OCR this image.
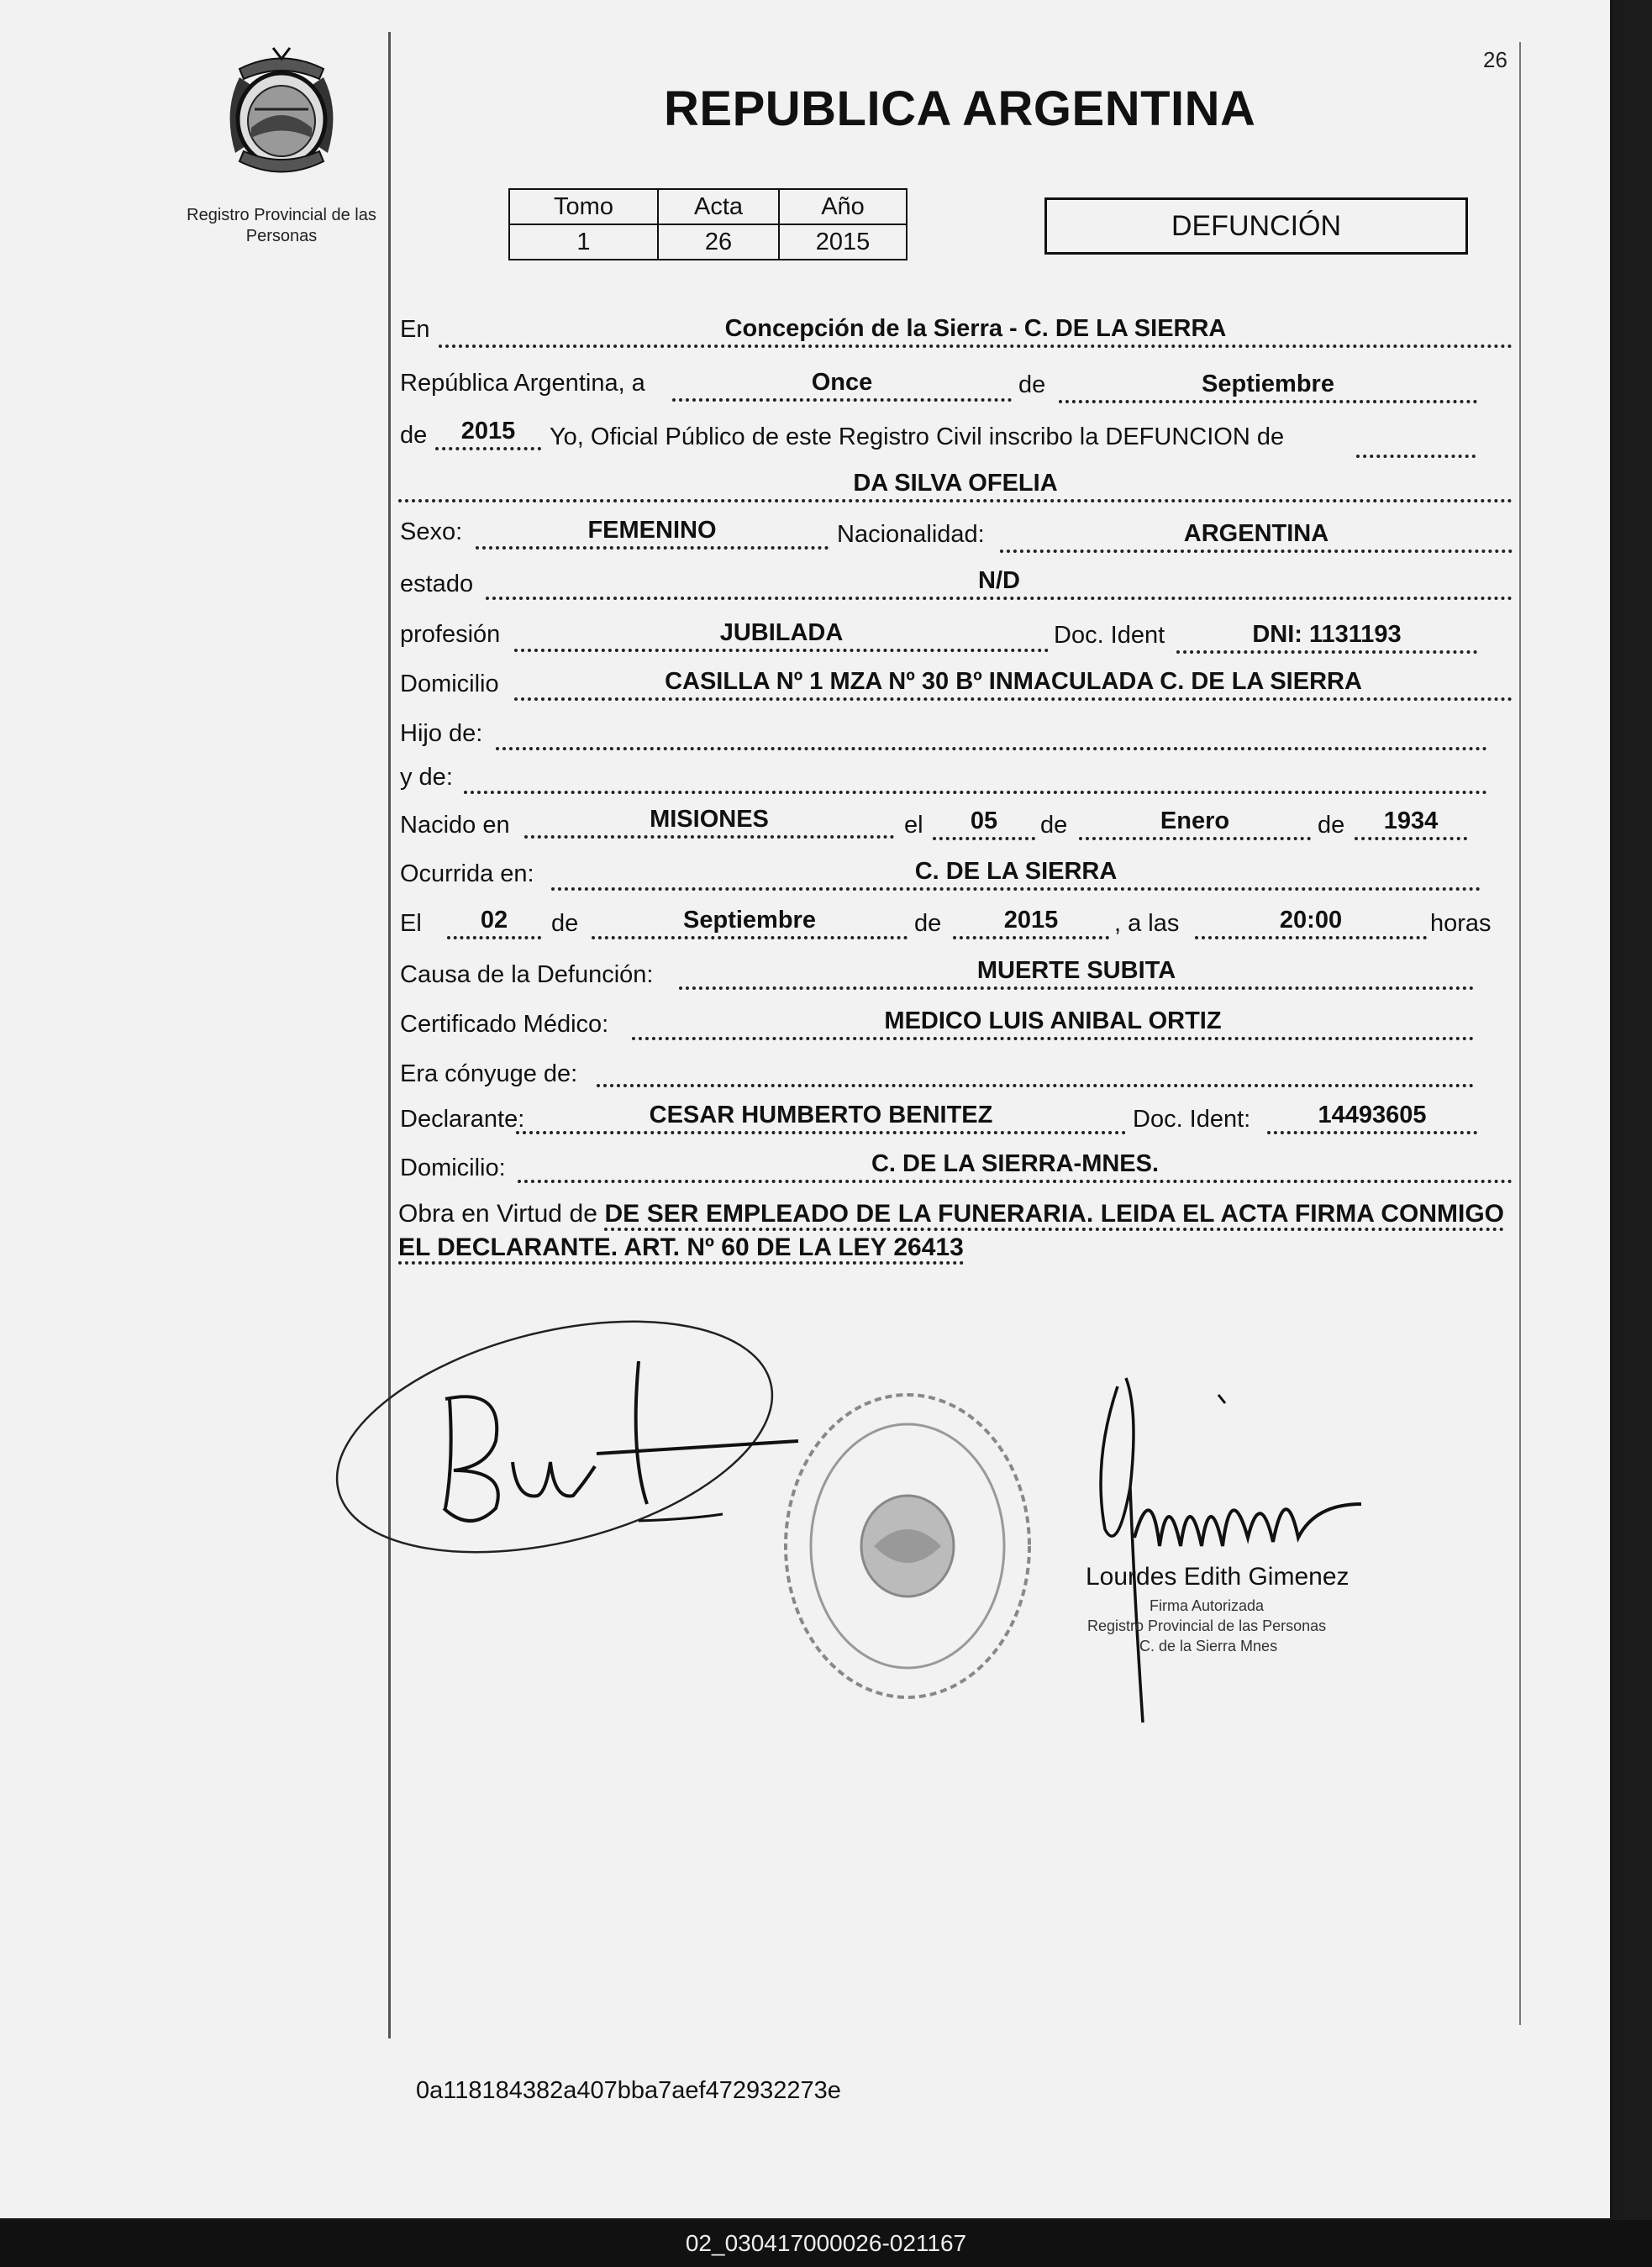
26
Registro Provincial de las Personas
REPUBLICA ARGENTINA
Tomo	Acta	Año
1	26	2015	DEFUNCIÓN
En	Concepción de la Sierra - C. DE LA SIERRA
República Argentina, a	Once	de	Septiembre
de	2015	Yo, Oficial Público de este Registro Civil inscribo la DEFUNCION de
DA SILVA OFELIA
Sexo:	FEMENINO	Nacionalidad:	ARGENTINA
estado	N/D
profesión	JUBILADA	Doc. Ident	DNI: 1131193
Domicilio	CASILLA Nº 1 MZA Nº 30 Bº INMACULADA C. DE LA SIERRA
Hijo de:
y de:
Nacido en	MISIONES	el	05	de	Enero	de	1934
Ocurrida en:	C. DE LA SIERRA
El	02	de	Septiembre	de	2015	, a las	20:00	horas
Causa de la Defunción:	MUERTE SUBITA
Certificado Médico:	MEDICO LUIS ANIBAL ORTIZ
Era cónyuge de:
Declarante:	CESAR HUMBERTO BENITEZ	Doc. Ident:	14493605
Domicilio:	C. DE LA SIERRA-MNES.
Obra en Virtud de DE SER EMPLEADO DE LA FUNERARIA. LEIDA EL ACTA FIRMA CONMIGO EL DECLARANTE. ART. Nº 60 DE LA LEY 26413
Lourdes Edith Gimenez
Firma Autorizada
Registro Provincial de las Personas
C. de la Sierra Mnes
0a118184382a407bba7aef472932273e
02_030417000026-021167
